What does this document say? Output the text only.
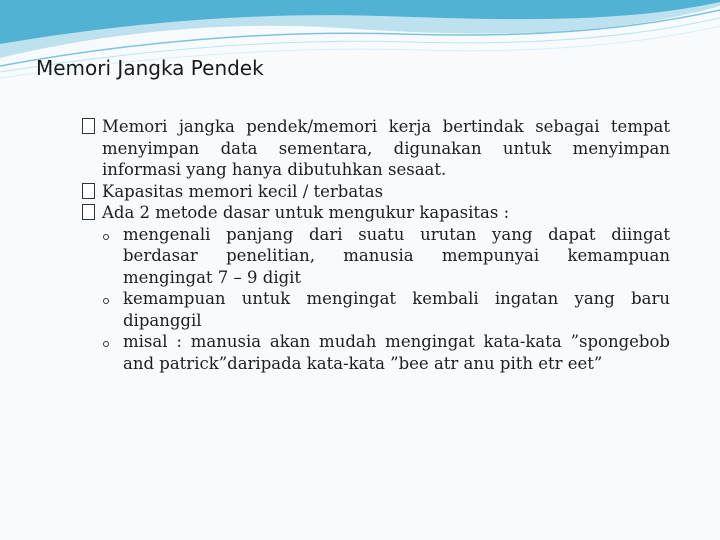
Memori Jangka Pendek
Memori jangka pendek/memori kerja bertindak sebagai tempat menyimpan data sementara, digunakan untuk menyimpan informasi yang hanya dibutuhkan sesaat.
Kapasitas memori kecil / terbatas
Ada 2 metode dasar untuk mengukur kapasitas :
mengenali panjang dari suatu urutan yang dapat diingat berdasar penelitian, manusia mempunyai kemampuan mengingat 7 – 9 digit
kemampuan untuk mengingat kembali ingatan yang baru dipanggil
misal : manusia akan mudah mengingat kata-kata ”spongebob and patrick”daripada kata-kata ”bee atr anu pith etr eet”
